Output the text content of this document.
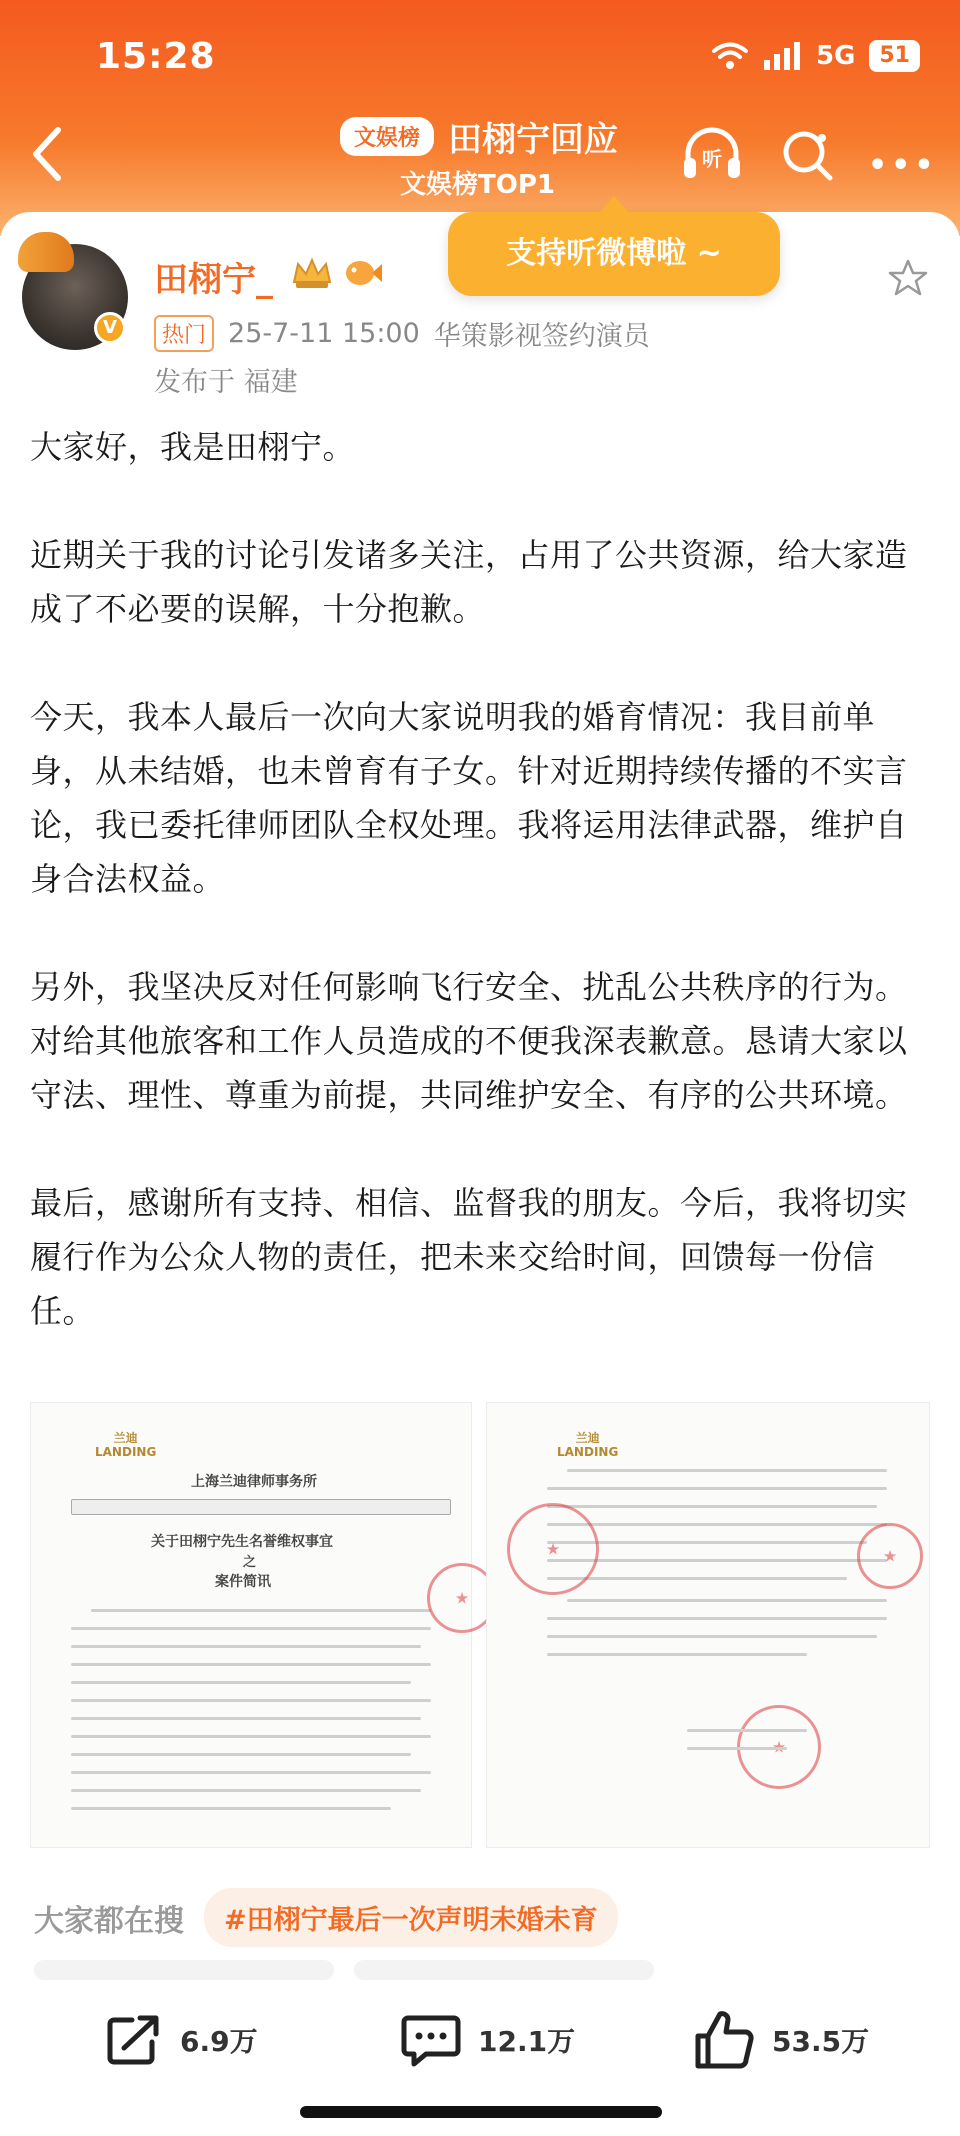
15:28	5G	51
文娱榜 田栩宁回应
文娱榜TOP1
听	•••
支持听微博啦 ~
V
田栩宁_
热门 25-7-11 15:00 华策影视签约演员
发布于 福建

大家好，我是田栩宁。

近期关于我的讨论引发诸多关注，占用了公共资源，给大家造成了不必要的误解，十分抱歉。

今天，我本人最后一次向大家说明我的婚育情况：我目前单身，从未结婚，也未曾育有子女。针对近期持续传播的不实言论，我已委托律师团队全权处理。我将运用法律武器，维护自身合法权益。

另外，我坚决反对任何影响飞行安全、扰乱公共秩序的行为。对给其他旅客和工作人员造成的不便我深表歉意。恳请大家以守法、理性、尊重为前提，共同维护安全、有序的公共环境。

最后，感谢所有支持、相信、监督我的朋友。今后，我将切实履行作为公众人物的责任，把未来交给时间，回馈每一份信任。

兰迪
LANDING
上海兰迪律师事务所
关于田栩宁先生名誉维权事宜
之
案件简讯
★
兰迪
LANDING
★
★
★
大家都在搜	#田栩宁最后一次声明未婚未育
6.9万	12.1万	53.5万
